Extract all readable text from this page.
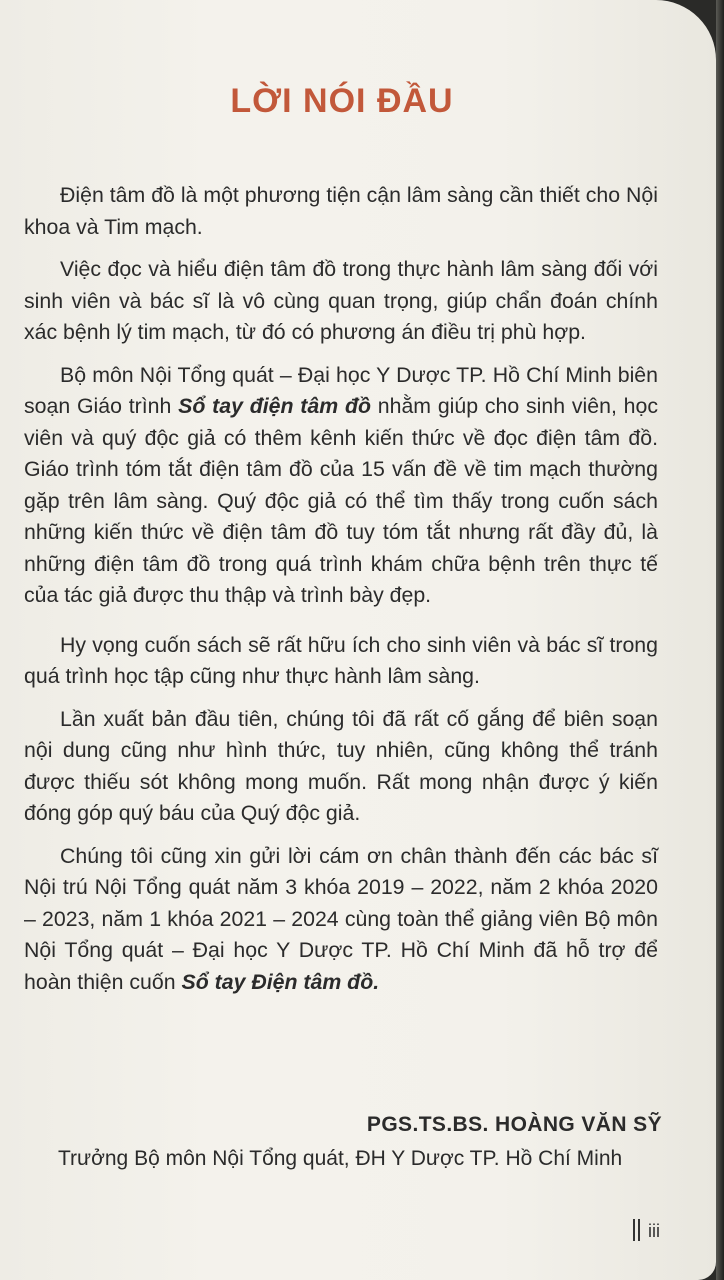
LỜI NÓI ĐẦU

Điện tâm đồ là một phương tiện cận lâm sàng cần thiết cho Nội khoa và Tim mạch.

Việc đọc và hiểu điện tâm đồ trong thực hành lâm sàng đối với sinh viên và bác sĩ là vô cùng quan trọng, giúp chẩn đoán chính xác bệnh lý tim mạch, từ đó có phương án điều trị phù hợp.

Bộ môn Nội Tổng quát – Đại học Y Dược TP. Hồ Chí Minh biên soạn Giáo trình Sổ tay điện tâm đồ nhằm giúp cho sinh viên, học viên và quý độc giả có thêm kênh kiến thức về đọc điện tâm đồ. Giáo trình tóm tắt điện tâm đồ của 15 vấn đề về tim mạch thường gặp trên lâm sàng. Quý độc giả có thể tìm thấy trong cuốn sách những kiến thức về điện tâm đồ tuy tóm tắt nhưng rất đầy đủ, là những điện tâm đồ trong quá trình khám chữa bệnh trên thực tế của tác giả được thu thập và trình bày đẹp.

Hy vọng cuốn sách sẽ rất hữu ích cho sinh viên và bác sĩ trong quá trình học tập cũng như thực hành lâm sàng.

Lần xuất bản đầu tiên, chúng tôi đã rất cố gắng để biên soạn nội dung cũng như hình thức, tuy nhiên, cũng không thể tránh được thiếu sót không mong muốn. Rất mong nhận được ý kiến đóng góp quý báu của Quý độc giả.

Chúng tôi cũng xin gửi lời cám ơn chân thành đến các bác sĩ Nội trú Nội Tổng quát năm 3 khóa 2019 – 2022, năm 2 khóa 2020 – 2023, năm 1 khóa 2021 – 2024 cùng toàn thể giảng viên Bộ môn Nội Tổng quát – Đại học Y Dược TP. Hồ Chí Minh đã hỗ trợ để hoàn thiện cuốn Sổ tay Điện tâm đồ.

PGS.TS.BS. HOÀNG VĂN SỸ

Trưởng Bộ môn Nội Tổng quát, ĐH Y Dược TP. Hồ Chí Minh

iii
